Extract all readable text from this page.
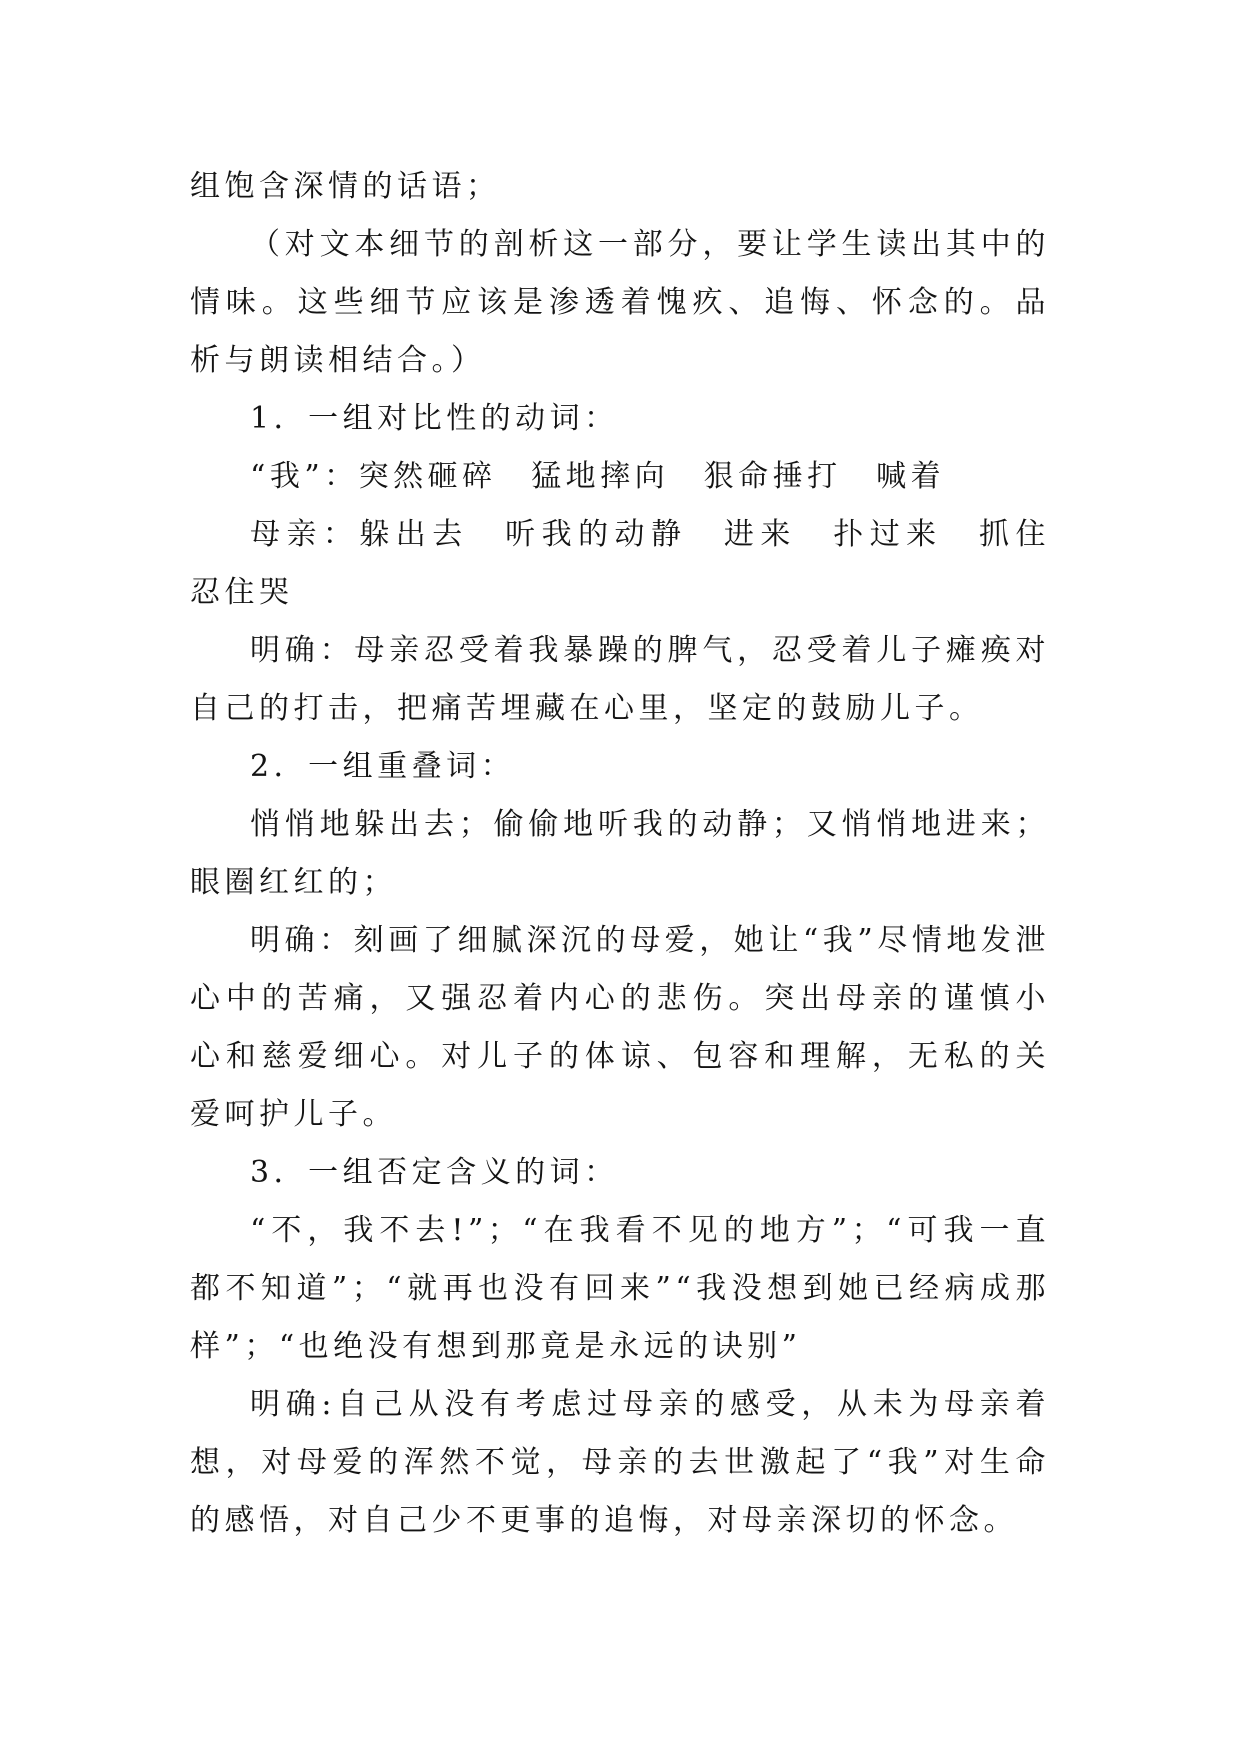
组饱含深情的话语；

（对文本细节的剖析这一部分，要让学生读出其中的情味。这些细节应该是渗透着愧疚、追悔、怀念的。品析与朗读相结合。）

1．一组对比性的动词：

“我”：突然砸碎　猛地摔向　狠命捶打　喊着

母亲：躲出去　听我的动静　进来　扑过来　抓住　忍住哭

明确：母亲忍受着我暴躁的脾气，忍受着儿子瘫痪对自己的打击，把痛苦埋藏在心里，坚定的鼓励儿子。

2．一组重叠词：

悄悄地躲出去；偷偷地听我的动静；又悄悄地进来；眼圈红红的；

明确：刻画了细腻深沉的母爱，她让“我”尽情地发泄心中的苦痛，又强忍着内心的悲伤。突出母亲的谨慎小心和慈爱细心。对儿子的体谅、包容和理解，无私的关爱呵护儿子。

3．一组否定含义的词：

“不，我不去!”；“在我看不见的地方”；“可我一直都不知道”；“就再也没有回来”“我没想到她已经病成那样”；“也绝没有想到那竟是永远的诀别”

明确:自己从没有考虑过母亲的感受，从未为母亲着想，对母爱的浑然不觉，母亲的去世激起了“我”对生命的感悟，对自己少不更事的追悔，对母亲深切的怀念。
